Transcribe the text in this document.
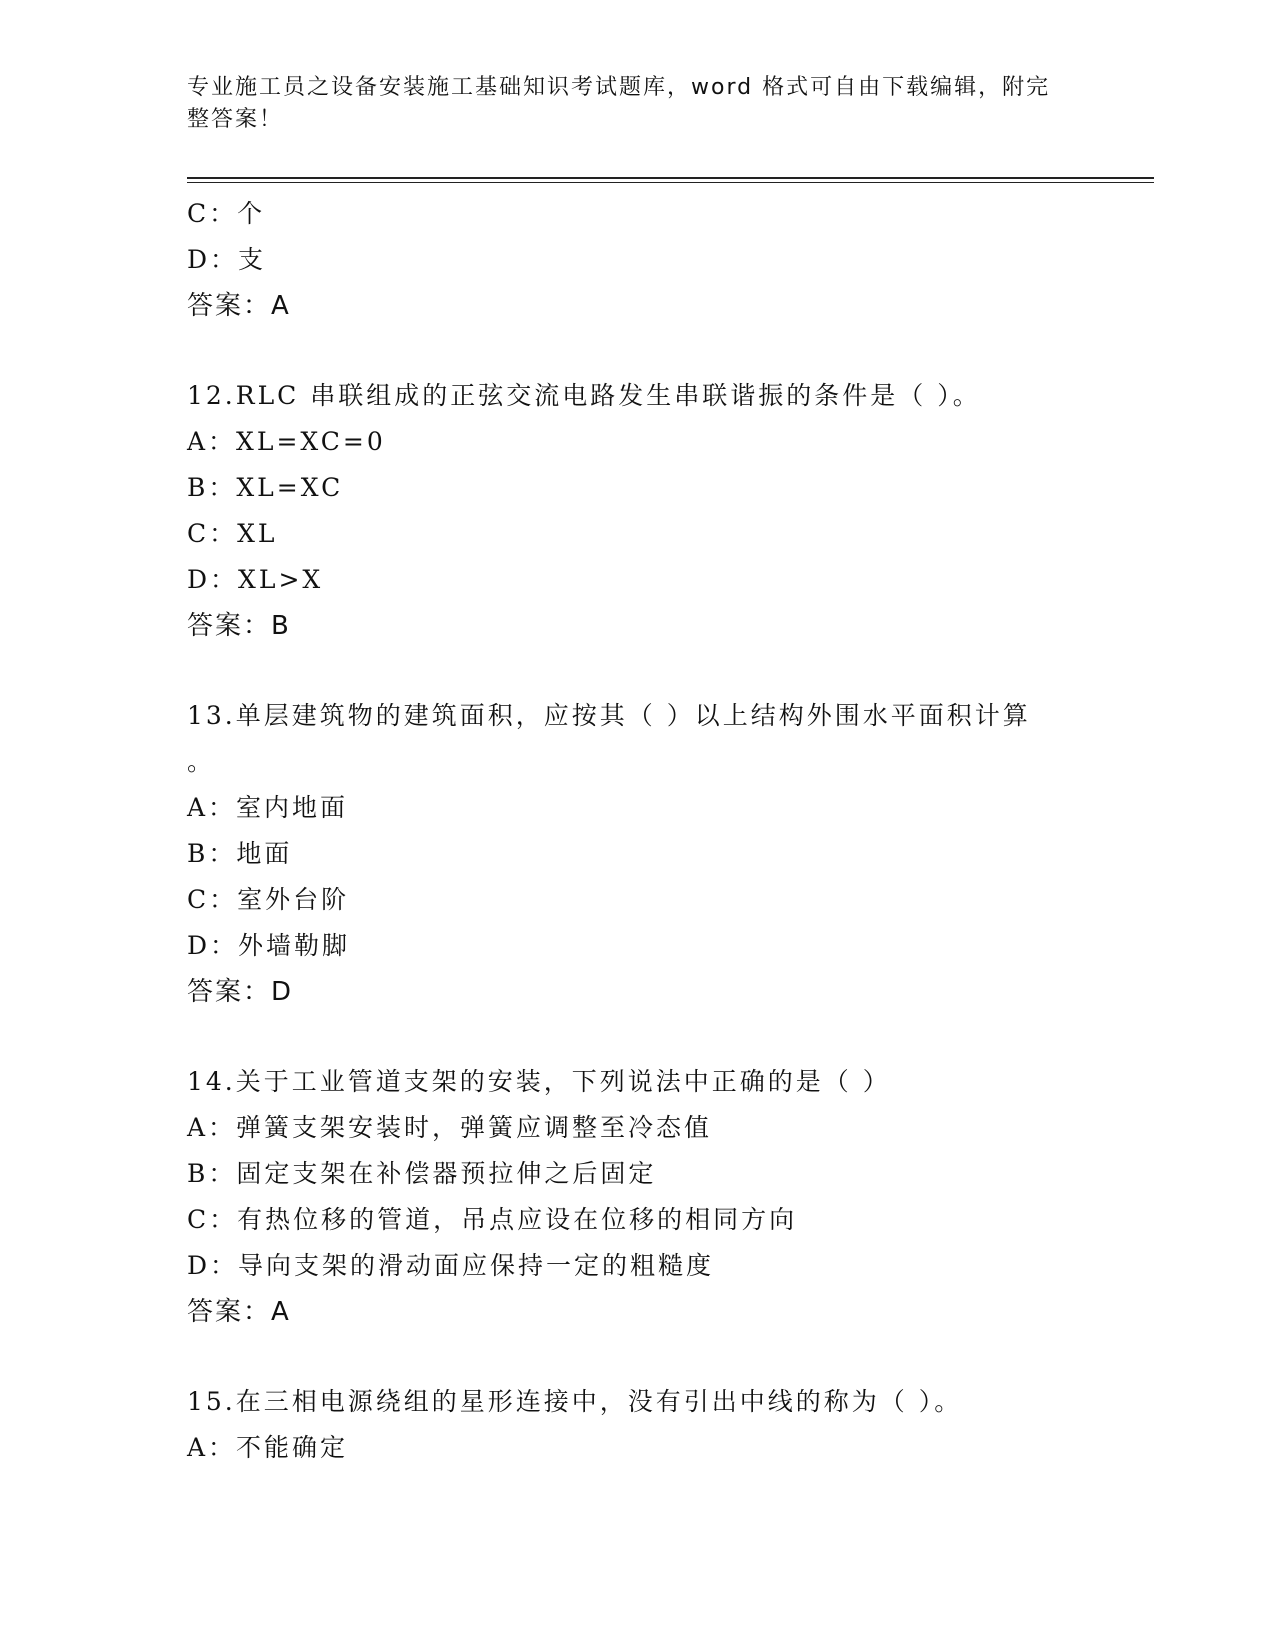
专业施工员之设备安装施工基础知识考试题库，word 格式可自由下载编辑，附完
整答案！
C：个
D：支
答案：A
12.RLC 串联组成的正弦交流电路发生串联谐振的条件是（ ）。
A：XL=XC=0
B：XL=XC
C：XL
D：XL>X
答案：B
13.单层建筑物的建筑面积，应按其（ ）以上结构外围水平面积计算
。
A：室内地面
B：地面
C：室外台阶
D：外墙勒脚
答案：D
14.关于工业管道支架的安装，下列说法中正确的是（ ）
A：弹簧支架安装时，弹簧应调整至冷态值
B：固定支架在补偿器预拉伸之后固定
C：有热位移的管道，吊点应设在位移的相同方向
D：导向支架的滑动面应保持一定的粗糙度
答案：A
15.在三相电源绕组的星形连接中，没有引出中线的称为（ ）。
A：不能确定
